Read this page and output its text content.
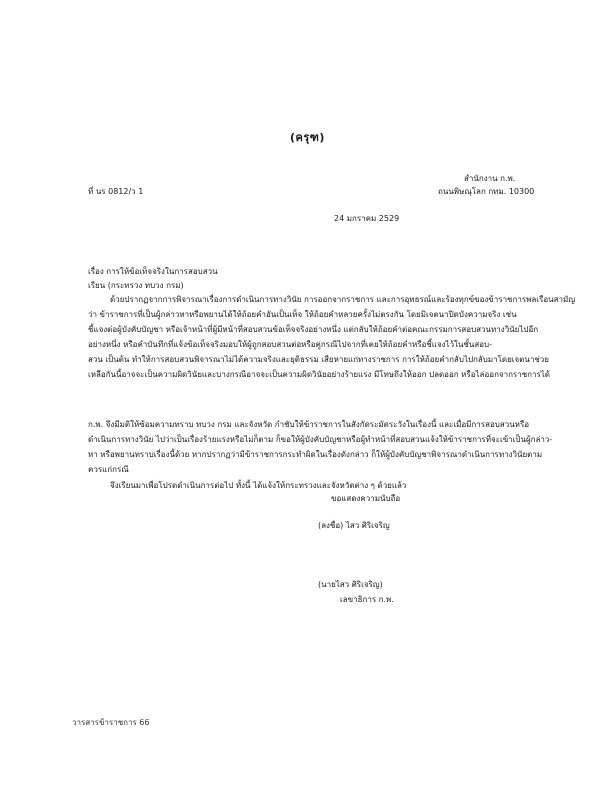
(ครุฑ)
สำนักงาน ก.พ.
ถนนพิษณุโลก กทม. 10300
ที่ นร 0812/ว 1
24 มกราคม 2529
เรื่อง การให้ข้อเท็จจริงในการสอบสวน
เรียน (กระทรวง ทบวง กรม)
ด้วยปรากฏจากการพิจารณาเรื่องการดำเนินการทางวินัย การออกจากราชการ และการอุทธรณ์และร้องทุกข์ของข้าราชการพลเรือนสามัญ
ว่า ข้าราชการที่เป็นผู้กล่าวหาหรือพยานได้ให้ถ้อยคำอันเป็นเท็จ ให้ถ้อยคำหลายครั้งไม่ตรงกัน โดยมิเจตนาปิดบังความจริง เช่น
ชี้แจงต่อผู้บังคับบัญชา หรือเจ้าหน้าที่ผู้มีหน้าที่สอบสวนข้อเท็จจริงอย่างหนึ่ง แต่กลับให้ถ้อยคำต่อคณะกรรมการสอบสวนทางวินัยไปอีก
อย่างหนึ่ง หรือคำบันทึกที่แจ้งข้อเท็จจริงมอบให้ผู้ถูกสอบสวนต่อหรือคู่กรณีไปจากที่เคยให้ถ้อยคำหรือชี้แจงไว้ในชั้นสอบ-
สวน เป็นต้น ทำให้การสอบสวนพิจารณาไม่ได้ความจริงและยุติธรรม เสียหายแก่ทางราชการ การให้ถ้อยคำกลับไปกลับมาโดยเจตนาช่วย
เหลือกันนี้อาจจะเป็นความผิดวินัยและบางกรณีอาจจะเป็นความผิดวินัยอย่างร้ายแรง มีโทษถึงให้ออก ปลดออก หรือไล่ออกจากราชการได้
ก.พ. จึงมีมติให้ซ้อมความทราบ ทบวง กรม และจังหวัด กำชับให้ข้าราชการในสังกัดระมัดระวังในเรื่องนี้ และเมื่อมีการสอบสวนหรือ
ดำเนินการทางวินัย ไปว่าเป็นเรื่องร้ายแรงหรือไม่ก็ตาม ก็ขอให้ผู้บังคับบัญชาหรือผู้ทำหน้าที่สอบสวนแจ้งให้ข้าราชการที่จะเข้าเป็นผู้กล่าว-
หา หรือพยานทราบเรื่องนี้ด้วย หากปรากฏว่ามีข้าราชการกระทำผิดในเรื่องดังกล่าว ก็ให้ผู้บังคับบัญชาพิจารณาดำเนินการทางวินัยตาม
ควรแก่กรณี
จึงเรียนมาเพื่อโปรดดำเนินการต่อไป ทั้งนี้ ได้แจ้งให้กระทรวงและจังหวัดต่าง ๆ ด้วยแล้ว
ขอแสดงความนับถือ
(ลงชื่อ) ไสว ศิริเจริญ
(นายไสว ศิริเจริญ)
เลขาธิการ ก.พ.
วารสารข้าราชการ 66
